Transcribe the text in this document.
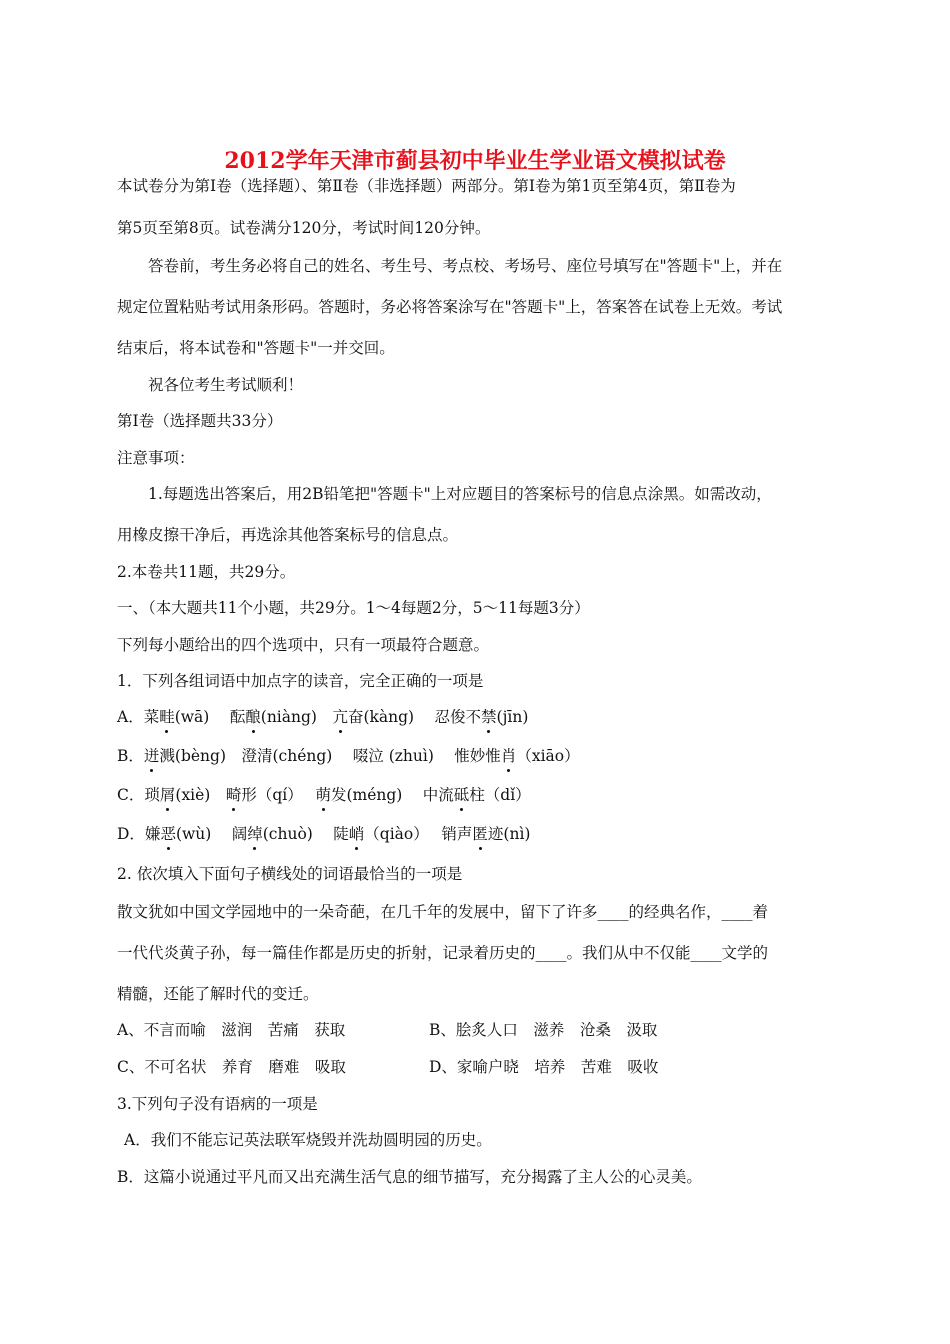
2012学年天津市蓟县初中毕业生学业语文模拟试卷
本试卷分为第Ⅰ卷（选择题）、第Ⅱ卷（非选择题）两部分。第Ⅰ卷为第1页至第4页，第Ⅱ卷为
第5页至第8页。试卷满分120分，考试时间120分钟。
答卷前，考生务必将自己的姓名、考生号、考点校、考场号、座位号填写在"答题卡"上，并在
规定位置粘贴考试用条形码。答题时，务必将答案涂写在"答题卡"上，答案答在试卷上无效。考试
结束后，将本试卷和"答题卡"一并交回。
祝各位考生考试顺利！
第Ⅰ卷（选择题共33分）
注意事项：
1.每题选出答案后，用2B铅笔把"答题卡"上对应题目的答案标号的信息点涂黑。如需改动，
用橡皮擦干净后，再选涂其他答案标号的信息点。
2.本卷共11题，共29分。
一、（本大题共11个小题，共29分。1～4每题2分，5～11每题3分）
下列每小题给出的四个选项中，只有一项最符合题意。
1．下列各组词语中加点字的读音，完全正确的一项是
A．菜畦(wā)　 酝酿(niàng)　亢奋(kàng)　 忍俊不禁(jīn)
B．迸溅(bèng)　澄清(chéng)　 啜泣 (zhuì)　 惟妙惟肖（xiāo）
C．琐屑(xiè)　畸形（qí）　 萌发(méng)　 中流砥柱（dǐ）
D．嫌恶(wù)　 阔绰(chuò)　 陡峭（qiào）　 销声匿迹(nì)
2. 依次填入下面句子横线处的词语最恰当的一项是
散文犹如中国文学园地中的一朵奇葩，在几千年的发展中，留下了许多____的经典名作，____着
一代代炎黄子孙，每一篇佳作都是历史的折射，记录着历史的____。我们从中不仅能____文学的
精髓，还能了解时代的变迁。
A、不言而喻　滋润　苦痛　获取	B、脍炙人口　滋养　沧桑　汲取
C、不可名状　养育　磨难　吸取	D、家喻户晓　培养　苦难　吸收
3.下列句子没有语病的一项是
A．我们不能忘记英法联军烧毁并洗劫圆明园的历史。
B．这篇小说通过平凡而又出充满生活气息的细节描写，充分揭露了主人公的心灵美。
